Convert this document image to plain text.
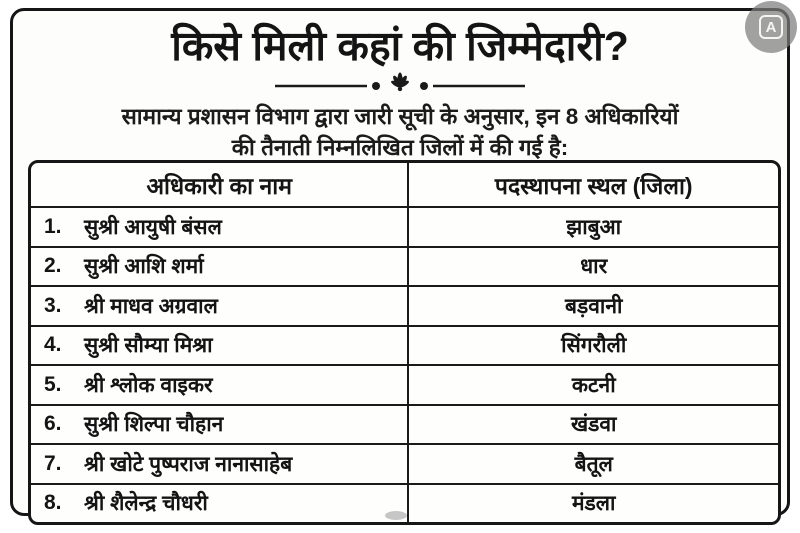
किसे मिली कहां की जिम्मेदारी?

सामान्य प्रशासन विभाग द्वारा जारी सूची के अनुसार, इन 8 अधिकारियों
की तैनाती निम्नलिखित जिलों में की गई है:

अधिकारी का नाम	पदस्थापना स्थल (जिला)
1.	सुश्री आयुषी बंसल	झाबुआ
2.	सुश्री आशि शर्मा	धार
3.	श्री माधव अग्रवाल	बड़वानी
4.	सुश्री सौम्या मिश्रा	सिंगरौली
5.	श्री श्लोक वाइकर	कटनी
6.	सुश्री शिल्पा चौहान	खंडवा
7.	श्री खोटे पुष्पराज नानासाहेब	बैतूल
8.	श्री शैलेन्द्र चौधरी	मंडला
A
